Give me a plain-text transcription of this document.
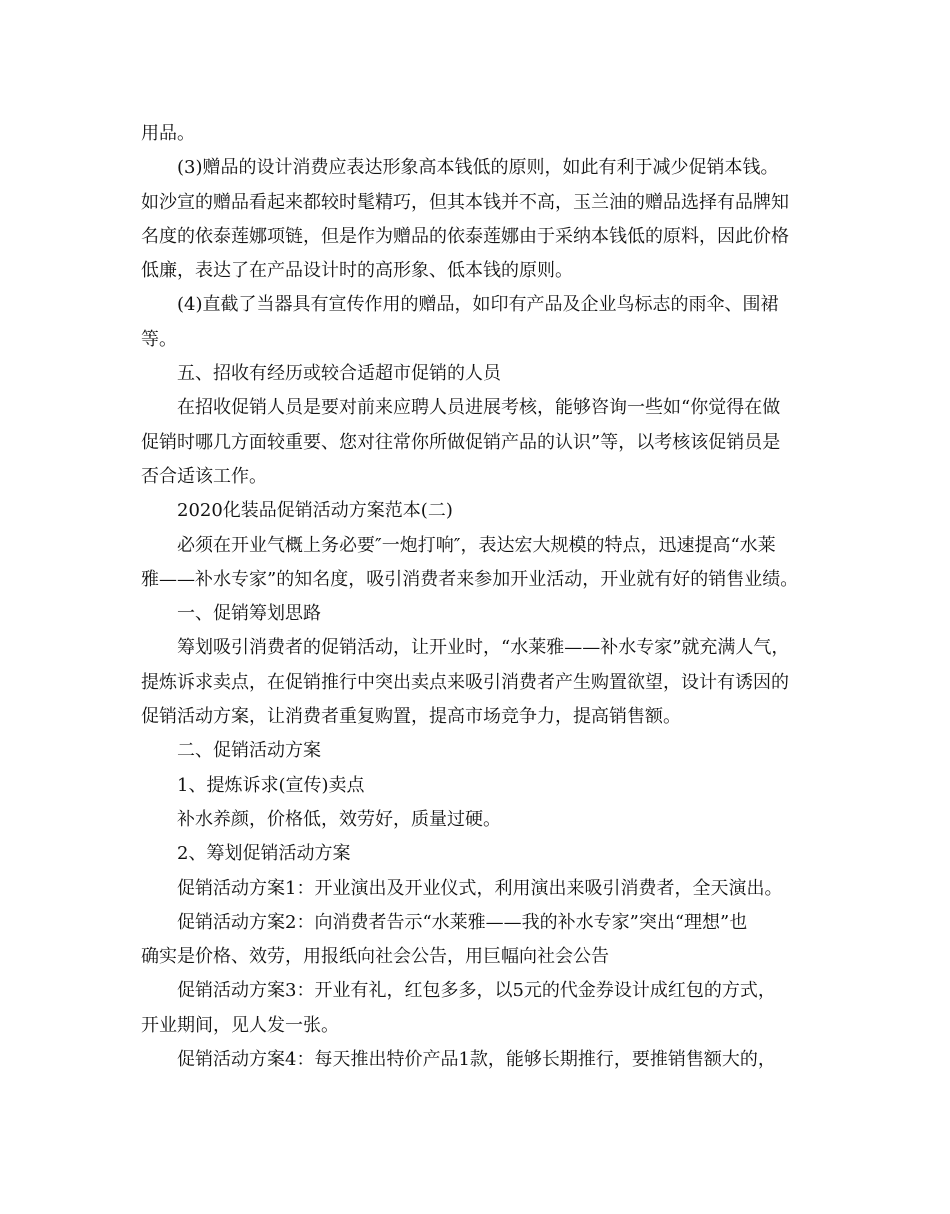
用品。

(3)赠品的设计消费应表达形象高本钱低的原则，如此有利于减少促销本钱。

如沙宣的赠品看起来都较时髦精巧，但其本钱并不高，玉兰油的赠品选择有品牌知

名度的依泰莲娜项链，但是作为赠品的依泰莲娜由于采纳本钱低的原料，因此价格

低廉，表达了在产品设计时的高形象、低本钱的原则。

(4)直截了当器具有宣传作用的赠品，如印有产品及企业鸟标志的雨伞、围裙

等。

五、招收有经历或较合适超市促销的人员

在招收促销人员是要对前来应聘人员进展考核，能够咨询一些如“你觉得在做

促销时哪几方面较重要、您对往常你所做促销产品的认识”等，以考核该促销员是

否合适该工作。

2020化装品促销活动方案范本(二)

必须在开业气概上务必要″一炮打响″，表达宏大规模的特点，迅速提高“水莱

雅——补水专家”的知名度，吸引消费者来参加开业活动，开业就有好的销售业绩。

一、促销筹划思路

筹划吸引消费者的促销活动，让开业时，“水莱雅——补水专家”就充满人气，

提炼诉求卖点，在促销推行中突出卖点来吸引消费者产生购置欲望，设计有诱因的

促销活动方案，让消费者重复购置，提高市场竞争力，提高销售额。

二、促销活动方案

1、提炼诉求(宣传)卖点

补水养颜，价格低，效劳好，质量过硬。

2、筹划促销活动方案

促销活动方案1：开业演出及开业仪式，利用演出来吸引消费者，全天演出。

促销活动方案2：向消费者告示“水莱雅——我的补水专家”突出“理想”也

确实是价格、效劳，用报纸向社会公告，用巨幅向社会公告

促销活动方案3：开业有礼，红包多多，以5元的代金券设计成红包的方式，

开业期间，见人发一张。

促销活动方案4：每天推出特价产品1款，能够长期推行，要推销售额大的，
